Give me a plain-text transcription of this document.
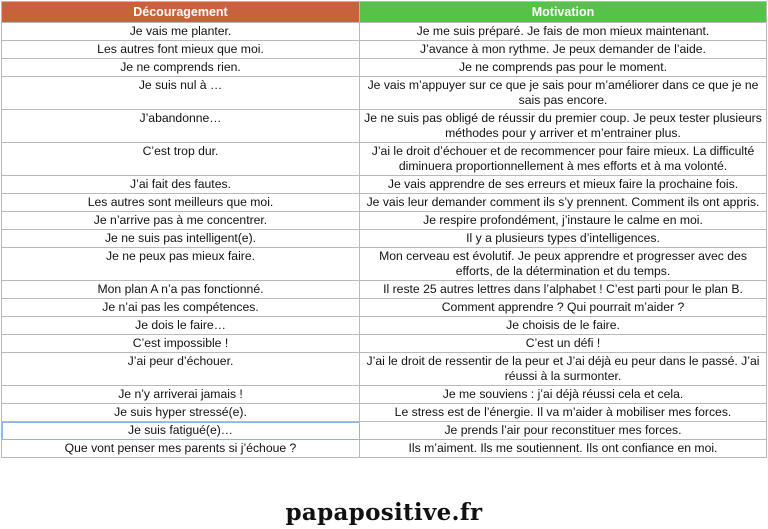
Découragement	Motivation
Je vais me planter.	Je me suis préparé. Je fais de mon mieux maintenant.
Les autres font mieux que moi.	J’avance à mon rythme. Je peux demander de l’aide.
Je ne comprends rien.	Je ne comprends pas pour le moment.
Je suis nul à …	Je vais m’appuyer sur ce que je sais pour m’améliorer dans ce que je ne sais pas encore.
J’abandonne…	Je ne suis pas obligé de réussir du premier coup. Je peux tester plusieurs méthodes pour y arriver et m’entrainer plus.
C’est trop dur.	J’ai le droit d’échouer et de recommencer pour faire mieux. La difficulté diminuera proportionnellement à mes efforts et à ma volonté.
J’ai fait des fautes.	Je vais apprendre de ses erreurs et mieux faire la prochaine fois.
Les autres sont meilleurs que moi.	Je vais leur demander comment ils s’y prennent. Comment ils ont appris.
Je n’arrive pas à me concentrer.	Je respire profondément, j’instaure le calme en moi.
Je ne suis pas intelligent(e).	Il y a plusieurs types d’intelligences.
Je ne peux pas mieux faire.	Mon cerveau est évolutif. Je peux apprendre et progresser avec des efforts, de la détermination et du temps.
Mon plan A n’a pas fonctionné.	Il reste 25 autres lettres dans l’alphabet ! C’est parti pour le plan B.
Je n’ai pas les compétences.	Comment apprendre ? Qui pourrait m’aider ?
Je dois le faire…	Je choisis de le faire.
C’est impossible !	C’est un défi !
J’ai peur d’échouer.	J’ai le droit de ressentir de la peur et J’ai déjà eu peur dans le passé. J’ai réussi à la surmonter.
Je n’y arriverai jamais !	Je me souviens : j’ai déjà réussi cela et cela.
Je suis hyper stressé(e).	Le stress est de l’énergie. Il va m’aider à mobiliser mes forces.
Je suis fatigué(e)…	Je prends l’air pour reconstituer mes forces.
Que vont penser mes parents si j’échoue ?	Ils m’aiment. Ils me soutiennent. Ils ont confiance en moi.
papapositive.fr
